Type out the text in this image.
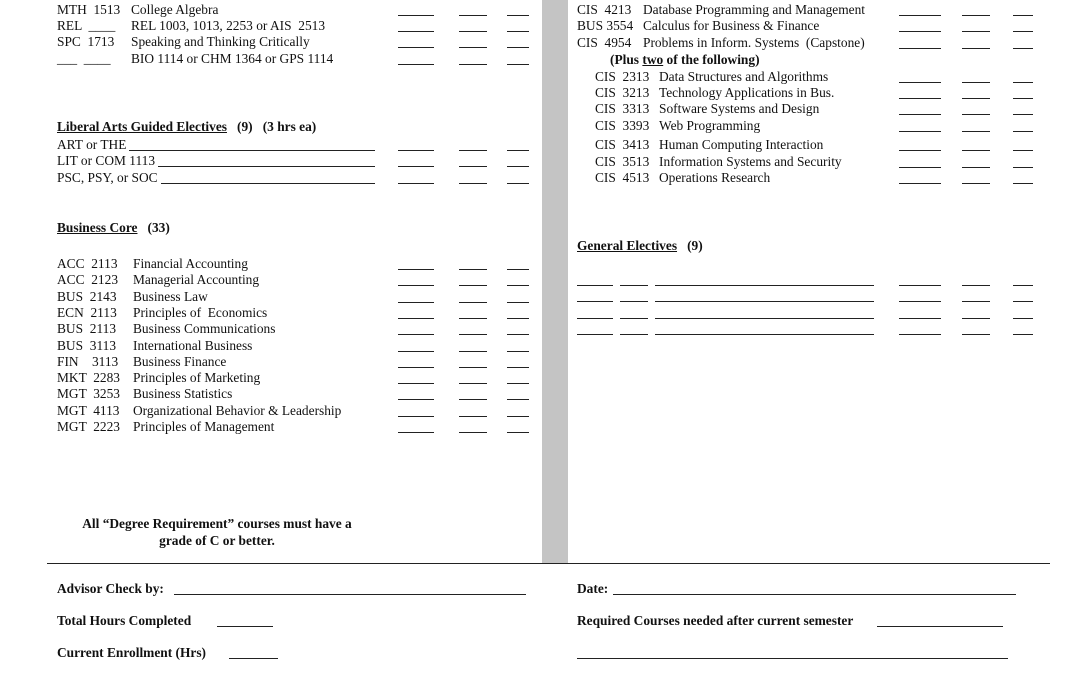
MTH  1513 College Algebra
REL  ____ REL 1003, 1013, 2253 or AIS  2513
SPC  1713 Speaking and Thinking Critically
___  ____ BIO 1114 or CHM 1364 or GPS 1114
Liberal Arts Guided Electives (9) (3 hrs ea)
ART or THE
LIT or COM 1113
PSC, PSY, or SOC
Business Core (33)
ACC  2113 Financial Accounting
ACC  2123 Managerial Accounting
BUS  2143 Business Law
ECN  2113 Principles of  Economics
BUS  2113 Business Communications
BUS  3113 International Business
FIN    3113 Business Finance
MKT  2283 Principles of Marketing
MGT  3253 Business Statistics
MGT  4113 Organizational Behavior & Leadership
MGT  2223 Principles of Management
All “Degree Requirement” courses must have a
grade of C or better.
CIS  4213 Database Programming and Management
BUS 3554 Calculus for Business & Finance
CIS  4954 Problems in Inform. Systems  (Capstone)
(Plus two of the following)
CIS  2313 Data Structures and Algorithms
CIS  3213 Technology Applications in Bus.
CIS  3313 Software Systems and Design
CIS  3393 Web Programming
CIS  3413 Human Computing Interaction
CIS  3513 Information Systems and Security
CIS  4513 Operations Research
General Electives (9)
Advisor Check by:	Date:
Total Hours Completed	Required Courses needed after current semester
Current Enrollment (Hrs)
